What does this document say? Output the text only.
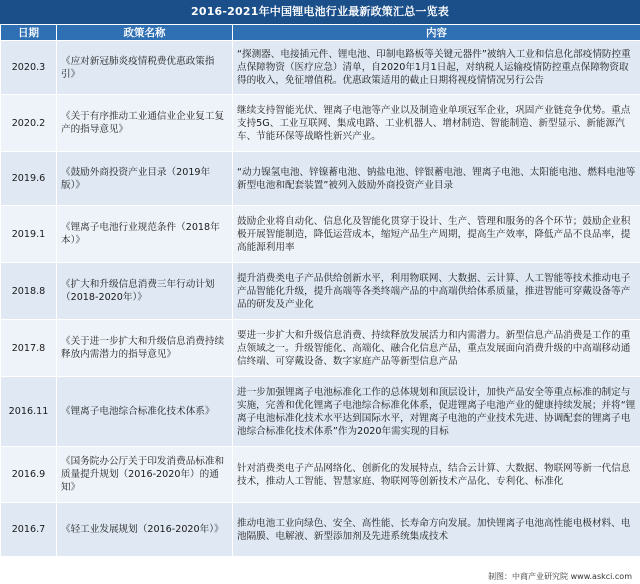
2016-2021年中国锂电池行业最新政策汇总一览表
日期	政策名称	内容
2020.3	《应对新冠肺炎疫情税费优惠政策指引》	“探测器、电接插元件、锂电池、印制电路板等关键元器件”被纳入工业和信息化部疫情防控重点保障物资（医疗应急）清单，自2020年1月1日起，对纳税人运输疫情防控重点保障物资取得的收入，免征增值税。优惠政策适用的截止日期将视疫情情况另行公告
2020.2	《关于有序推动工业通信业企业复工复产的指导意见》	继续支持智能光伏、锂离子电池等产业以及制造业单项冠军企业，巩固产业链竞争优势。重点支持5G、工业互联网、集成电路、工业机器人、增材制造、智能制造、新型显示、新能源汽车、节能环保等战略性新兴产业。
2019.6	《鼓励外商投资产业目录（2019年版）》	“动力镍氢电池、锌镍蓄电池、钠盐电池、锌银蓄电池、锂离子电池、太阳能电池、燃料电池等新型电池和配套装置”被列入鼓励外商投资产业目录
2019.1	《锂离子电池行业规范条件（2018年本）》	鼓励企业将自动化、信息化及智能化贯穿于设计、生产、管理和服务的各个环节；鼓励企业积极开展智能制造，降低运营成本，缩短产品生产周期，提高生产效率，降低产品不良品率，提高能源利用率
2018.8	《扩大和升级信息消费三年行动计划（2018-2020年）》	提升消费类电子产品供给创新水平，利用物联网、大数据、云计算、人工智能等技术推动电子产品智能化升级，提升高端等各类终端产品的中高端供给体系质量，推进智能可穿戴设备等产品的研发及产业化
2017.8	《关于进一步扩大和升级信息消费持续释放内需潜力的指导意见》	要进一步扩大和升级信息消费、持续释放发展活力和内需潜力。新型信息产品消费是工作的重点领域之一。升级智能化、高端化、融合化信息产品，重点发展面向消费升级的中高端移动通信终端、可穿戴设备、数字家庭产品等新型信息产品
2016.11	《锂离子电池综合标准化技术体系》	进一步加强锂离子电池标准化工作的总体规划和顶层设计，加快产品安全等重点标准的制定与实施，完善和优化锂离子电池综合标准化体系，促进锂离子电池产业的健康持续发展；并将“锂离子电池标准化技术水平达到国际水平，对锂离子电池的产业技术先进、协调配套的锂离子电池综合标准化技术体系”作为2020年需实现的目标
2016.9	《国务院办公厅关于印发消费品标准和质量提升规划（2016-2020年）的通知》	针对消费类电子产品网络化、创新化的发展特点，结合云计算、大数据、物联网等新一代信息技术，推动人工智能、智慧家庭、物联网等创新技术产品化、专利化、标准化
2016.7	《轻工业发展规划（2016-2020年）》	推动电池工业向绿色、安全、高性能、长寿命方向发展。加快锂离子电池高性能电极材料、电池隔膜、电解液、新型添加剂及先进系统集成技术
制图：中商产业研究院 www.askci.com
